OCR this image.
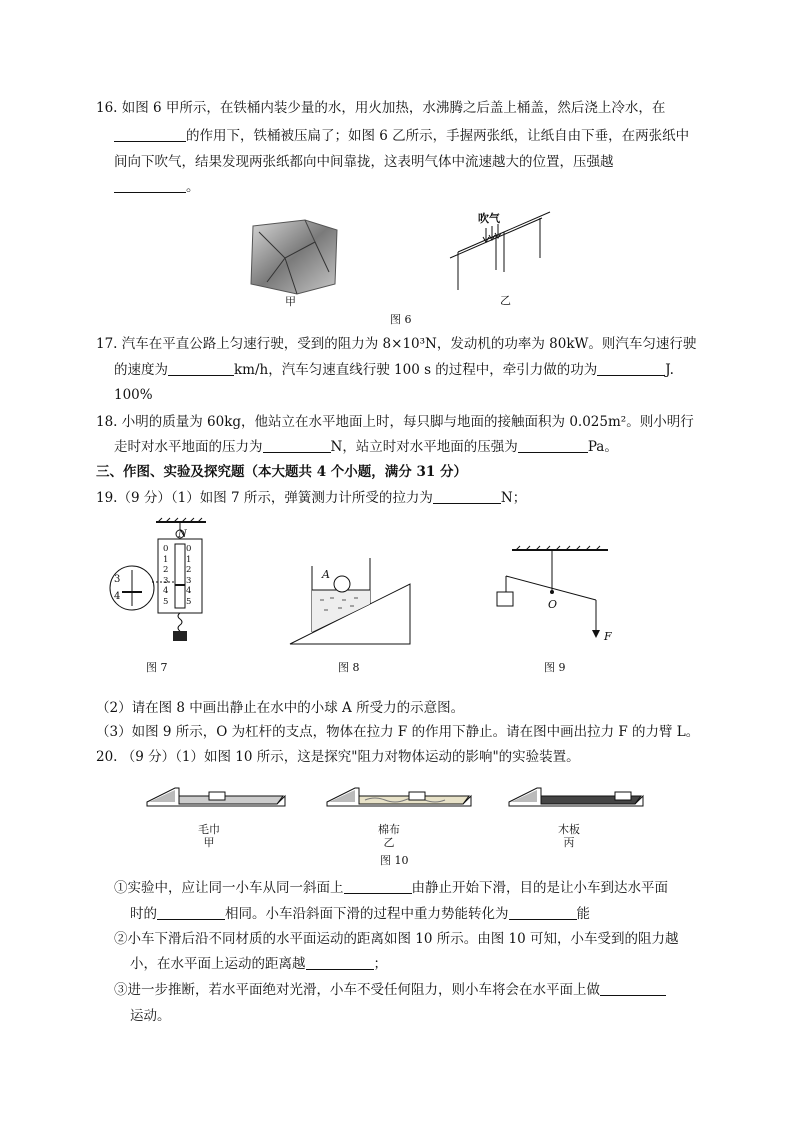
16. 如图 6 甲所示，在铁桶内装少量的水，用火加热，水沸腾之后盖上桶盖，然后浇上冷水，在
的作用下，铁桶被压扁了；如图 6 乙所示，手握两张纸，让纸自由下垂，在两张纸中
间向下吹气，结果发现两张纸都向中间靠拢，这表明气体中流速越大的位置，压强越
。
甲
吹气
乙
图 6
17. 汽车在平直公路上匀速行驶，受到的阻力为 8×10³N，发动机的功率为 80kW。则汽车匀速行驶
的速度为	km/h，汽车匀速直线行驶 100 s 的过程中，牵引力做的功为	J.
100%
18. 小明的质量为 60kg，他站立在水平地面上时，每只脚与地面的接触面积为 0.025m²。则小明行
走时对水平地面的压力为	N，站立时对水平地面的压强为	Pa。
三、作图、实验及探究题（本大题共 4 个小题，满分 31 分）
19.（9 分）（1）如图 7 所示，弹簧测力计所受的拉力为	N；
N
0 0
1 1
2 2
3 3
4 4
5 5
3
4
图 7
A
图 8
O
F
图 9
（2）请在图 8 中画出静止在水中的小球 A 所受力的示意图。
（3）如图 9 所示，O 为杠杆的支点，物体在拉力 F 的作用下静止。请在图中画出拉力 F 的力臂 L。
20. （9 分）（1）如图 10 所示，这是探究"阻力对物体运动的影响"的实验装置。
毛巾
甲
棉布
乙
木板
丙
图 10
①实验中，应让同一小车从同一斜面上	由静止开始下滑，目的是让小车到达水平面
时的	相同。小车沿斜面下滑的过程中重力势能转化为	能
②小车下滑后沿不同材质的水平面运动的距离如图 10 所示。由图 10 可知，小车受到的阻力越
小，在水平面上运动的距离越	；
③进一步推断，若水平面绝对光滑，小车不受任何阻力，则小车将会在水平面上做
运动。
